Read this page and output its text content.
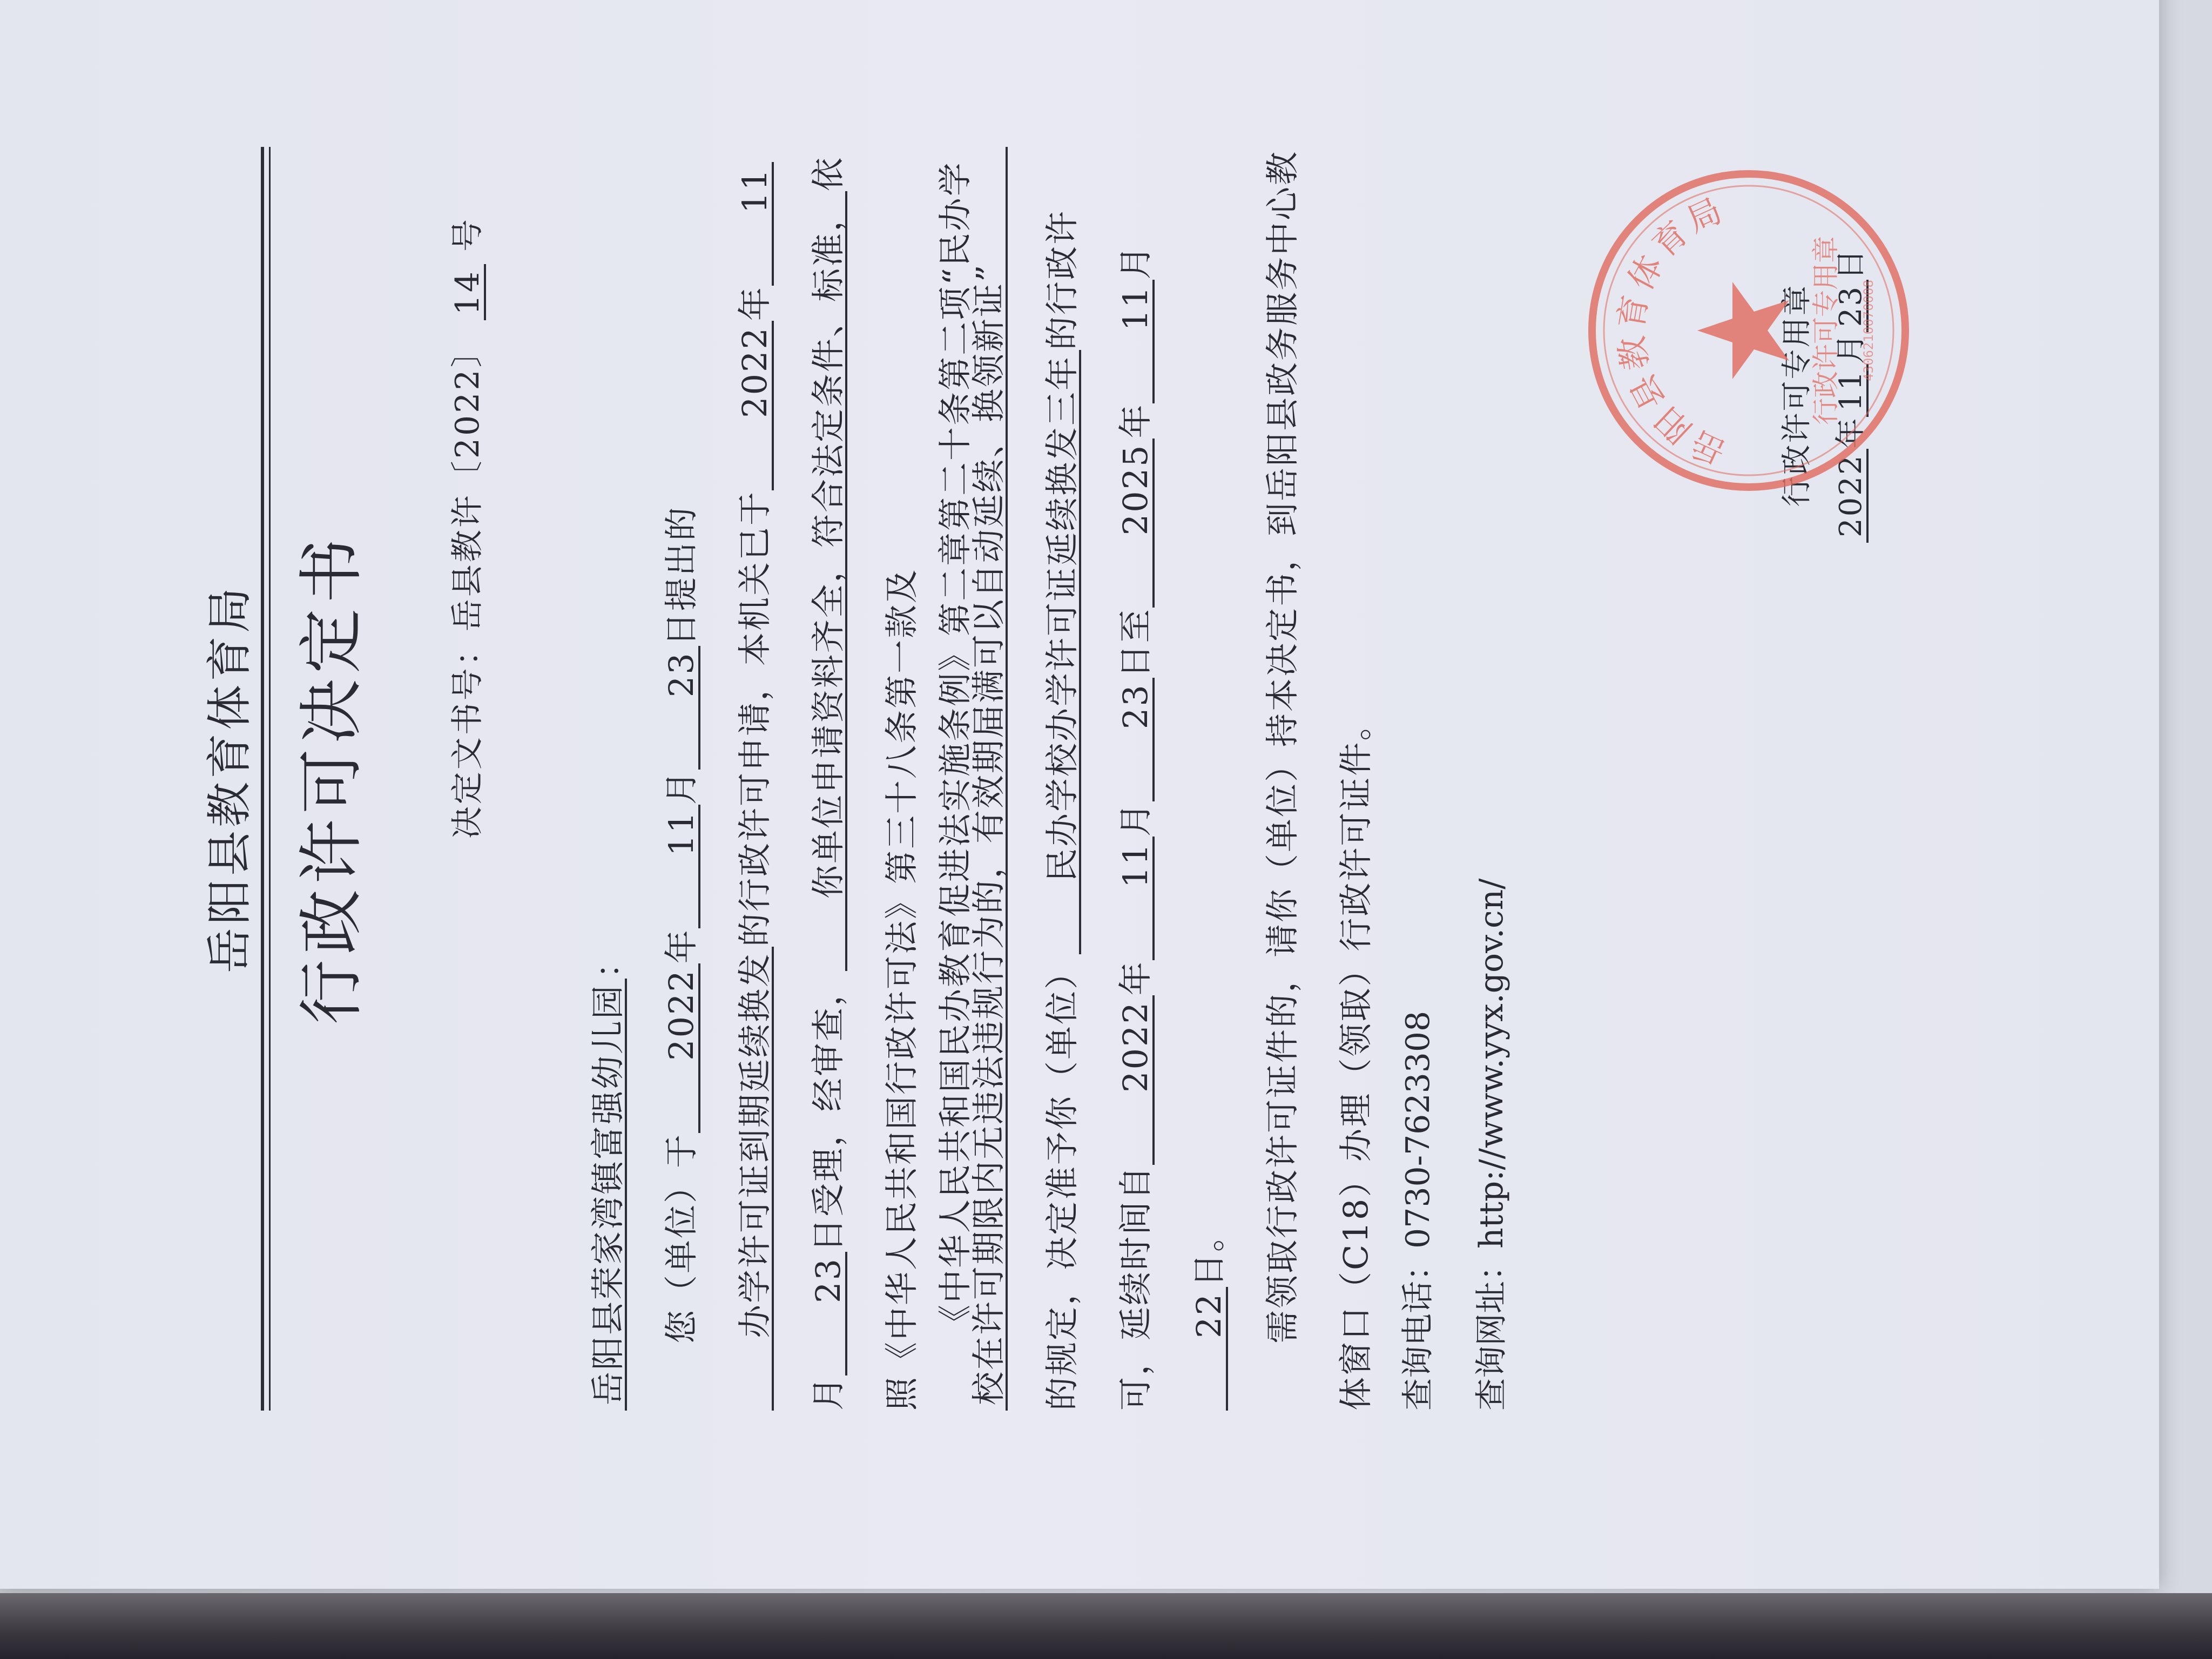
岳阳县教育体育局 行政许可决定书 决定文书号：岳县教许〔2022〕 14 号

岳阳县荣家湾镇富强幼儿园：

您（单位）于2022年11月23日提出的办学许可证到期延续换发的行政许可申请，本机关已于2022年11月23日受理，经审查，你单位申请资料齐全，符合法定条件、标准，依照《中华人民共和国行政许可法》第三十八条第一款及 《中华人民共和国民办教育促进法实施条例》第二章第二十条第二项“民办学校在许可期限内无违法违规行为的，有效期届满可以自动延续、换领新证” 的规定，决定准予你（单位）民办学校办学许可证延续换发三年的行政许可，延续时间自2022年11月23日至2025年11月22日。	需领取行政许可证件的，请你（单位）持本决定书，到岳阳县政务服务中心教体窗口（C18）办理（领取）行政许可证件。 查询电话：0730-7623308
查询网址：http://www.yyx.gov.cn/
行政许可专用章 2022年11月23日
岳阳县教育体育局
行政许可专用章 4306210070008
